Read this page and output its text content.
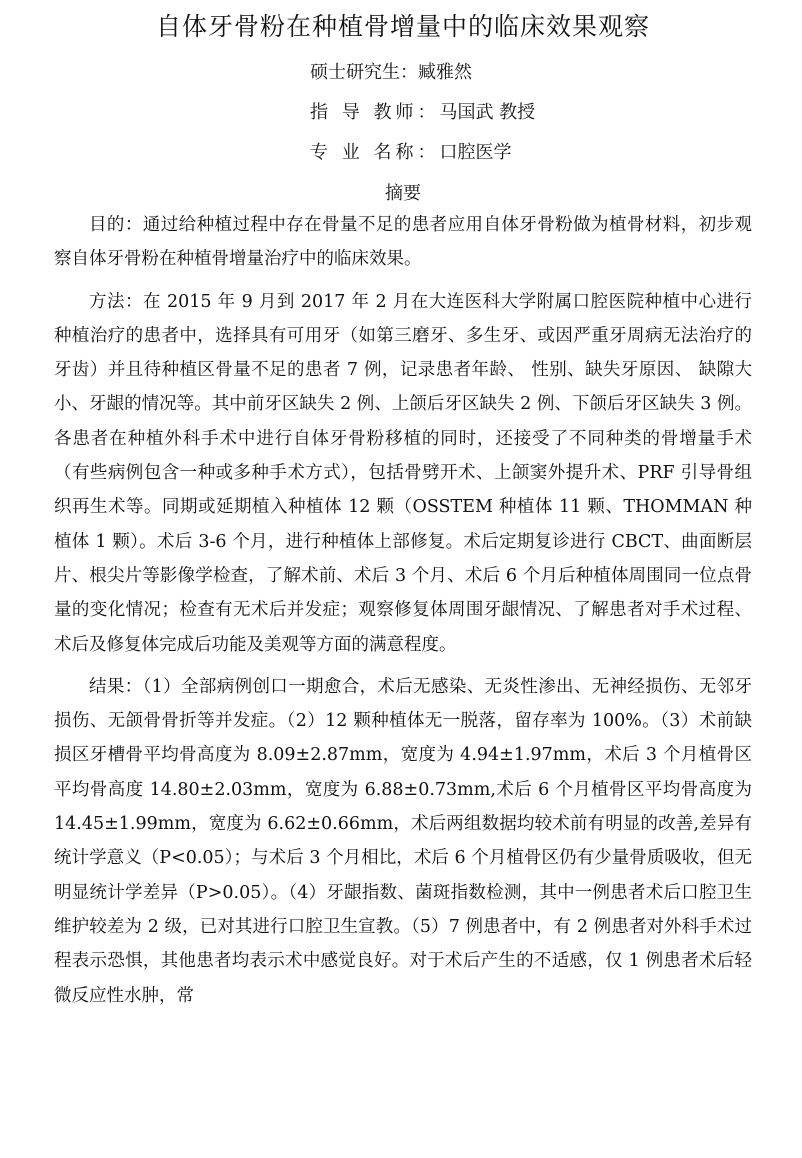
自体牙骨粉在种植骨增量中的临床效果观察
硕士研究生：臧雅然
指 导 教师：马国武 教授
专 业 名称：口腔医学
摘要

目的：通过给种植过程中存在骨量不足的患者应用自体牙骨粉做为植骨材料，初步观察自体牙骨粉在种植骨增量治疗中的临床效果。

方法：在 2015 年 9 月到 2017 年 2 月在大连医科大学附属口腔医院种植中心进行种植治疗的患者中，选择具有可用牙（如第三磨牙、多生牙、或因严重牙周病无法治疗的牙齿）并且待种植区骨量不足的患者 7 例，记录患者年龄、 性别、缺失牙原因、 缺隙大小、牙龈的情况等。其中前牙区缺失 2 例、上颌后牙区缺失 2 例、下颌后牙区缺失 3 例。各患者在种植外科手术中进行自体牙骨粉移植的同时，还接受了不同种类的骨增量手术（有些病例包含一种或多种手术方式），包括骨劈开术、上颌窦外提升术、PRF 引导骨组织再生术等。同期或延期植入种植体 12 颗（OSSTEM 种植体 11 颗、THOMMAN 种植体 1 颗）。术后 3-6 个月，进行种植体上部修复。术后定期复诊进行 CBCT、曲面断层片、根尖片等影像学检查，了解术前、术后 3 个月、术后 6 个月后种植体周围同一位点骨量的变化情况；检查有无术后并发症；观察修复体周围牙龈情况、了解患者对手术过程、术后及修复体完成后功能及美观等方面的满意程度。

结果：（1）全部病例创口一期愈合，术后无感染、无炎性渗出、无神经损伤、无邻牙损伤、无颌骨骨折等并发症。（2）12 颗种植体无一脱落，留存率为 100%。（3）术前缺损区牙槽骨平均骨高度为 8.09±2.87mm，宽度为 4.94±1.97mm，术后 3 个月植骨区平均骨高度 14.80±2.03mm，宽度为 6.88±0.73mm,术后 6 个月植骨区平均骨高度为 14.45±1.99mm，宽度为 6.62±0.66mm，术后两组数据均较术前有明显的改善,差异有统计学意义（P<0.05）；与术后 3 个月相比，术后 6 个月植骨区仍有少量骨质吸收，但无明显统计学差异（P>0.05）。（4）牙龈指数、菌斑指数检测，其中一例患者术后口腔卫生维护较差为 2 级，已对其进行口腔卫生宣教。（5）7 例患者中，有 2 例患者对外科手术过程表示恐惧，其他患者均表示术中感觉良好。对于术后产生的不适感，仅 1 例患者术后轻微反应性水肿，常
